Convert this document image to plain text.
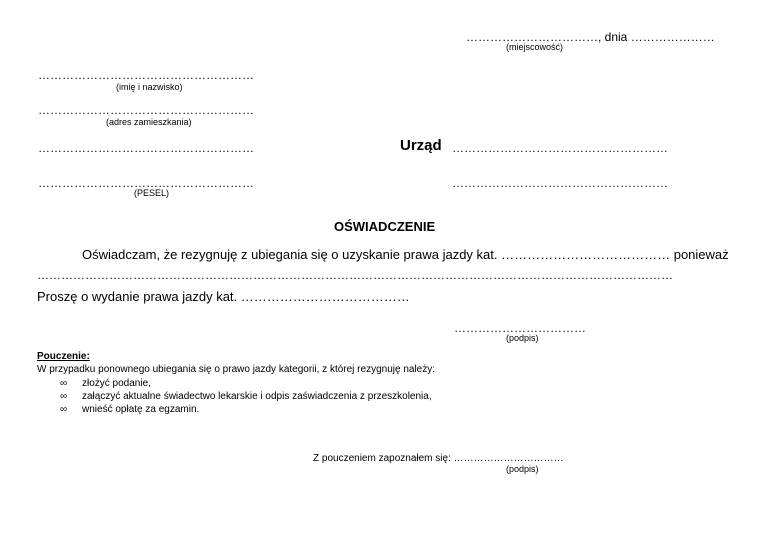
……………………………, dnia …………………
(miejscowość)
………………………………………………
(imię i nazwisko)
………………………………………………
(adres zamieszkania)
………………………………………………
………………………………………………
(PESEL)
Urząd ………………………………………………
………………………………………………
OŚWIADCZENIE
Oświadczam, że rezygnuję z ubiegania się o uzyskanie prawa jazdy kat. ………………………………… ponieważ
……………………………………………………………………………………………………………………………………………
Proszę o wydanie prawa jazdy kat. …………………………………
……………………………
(podpis)
Pouczenie:
W przypadku ponownego ubiegania się o prawo jazdy kategorii, z której rezygnuję należy:
∞ złożyć podanie,
∞ załączyć aktualne świadectwo lekarskie i odpis zaświadczenia z przeszkolenia,
∞ wnieść opłatę za egzamin.
Z pouczeniem zapoznałem się: ……………………………
(podpis)
